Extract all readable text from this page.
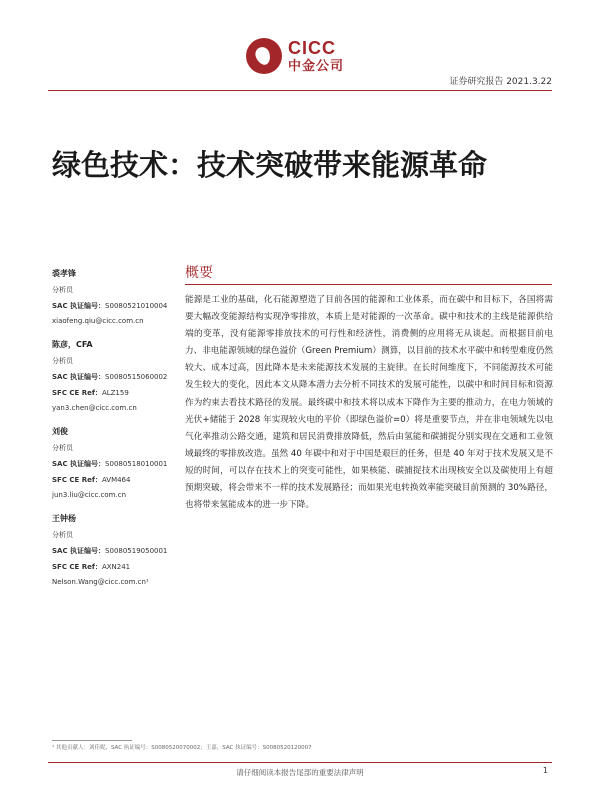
CICC
中金公司
证券研究报告 2021.3.22
绿色技术：技术突破带来能源革命
裘孝锋
分析员
SAC 执证编号：S0080521010004
xiaofeng.qiu@cicc.com.cn
陈彦，CFA
分析员
SAC 执证编号：S0080515060002
SFC CE Ref：ALZ159
yan3.chen@cicc.com.cn
刘俊
分析员
SAC 执证编号：S0080518010001
SFC CE Ref：AVM464
jun3.liu@cicc.com.cn
王钟杨
分析员
SAC 执证编号：S0080519050001
SFC CE Ref：AXN241
Nelson.Wang@cicc.com.cn¹
概要
能源是工业的基础，化石能源塑造了目前各国的能源和工业体系，而在碳中和目标下，各国将需要大幅改变能源结构实现净零排放，本质上是对能源的一次革命。碳中和技术的主线是能源供给端的变革，没有能源零排放技术的可行性和经济性，消费侧的应用将无从谈起。而根据目前电力、非电能源领域的绿色溢价（Green Premium）测算，以目前的技术水平碳中和转型难度仍然较大、成本过高，因此降本是未来能源技术发展的主旋律。在长时间维度下，不同能源技术可能发生较大的变化，因此本文从降本潜力去分析不同技术的发展可能性，以碳中和时间目标和资源作为约束去看技术路径的发展。最终碳中和技术将以成本下降作为主要的推动力，在电力领域的光伏+储能于 2028 年实现较火电的平价（即绿色溢价=0）将是重要节点，并在非电领域先以电气化率推动公路交通，建筑和居民消费排放降低，然后由氢能和碳捕捉分别实现在交通和工业领域最终的零排放改造。虽然 40 年碳中和对于中国是艰巨的任务，但是 40 年对于技术发展又是不短的时间，可以存在技术上的突变可能性，如果核能、碳捕捉技术出现核安全以及碳使用上有超预期突破，将会带来不一样的技术发展路径；而如果光电转换效率能突破目前预测的 30%路径，也将带来氢能成本的进一步下降。
¹ 其他贡献人：刘佳妮，SAC 执证编号：S0080520070002；王嘉，SAC 执证编号：S0080520120007
请仔细阅读本报告尾部的重要法律声明	1
